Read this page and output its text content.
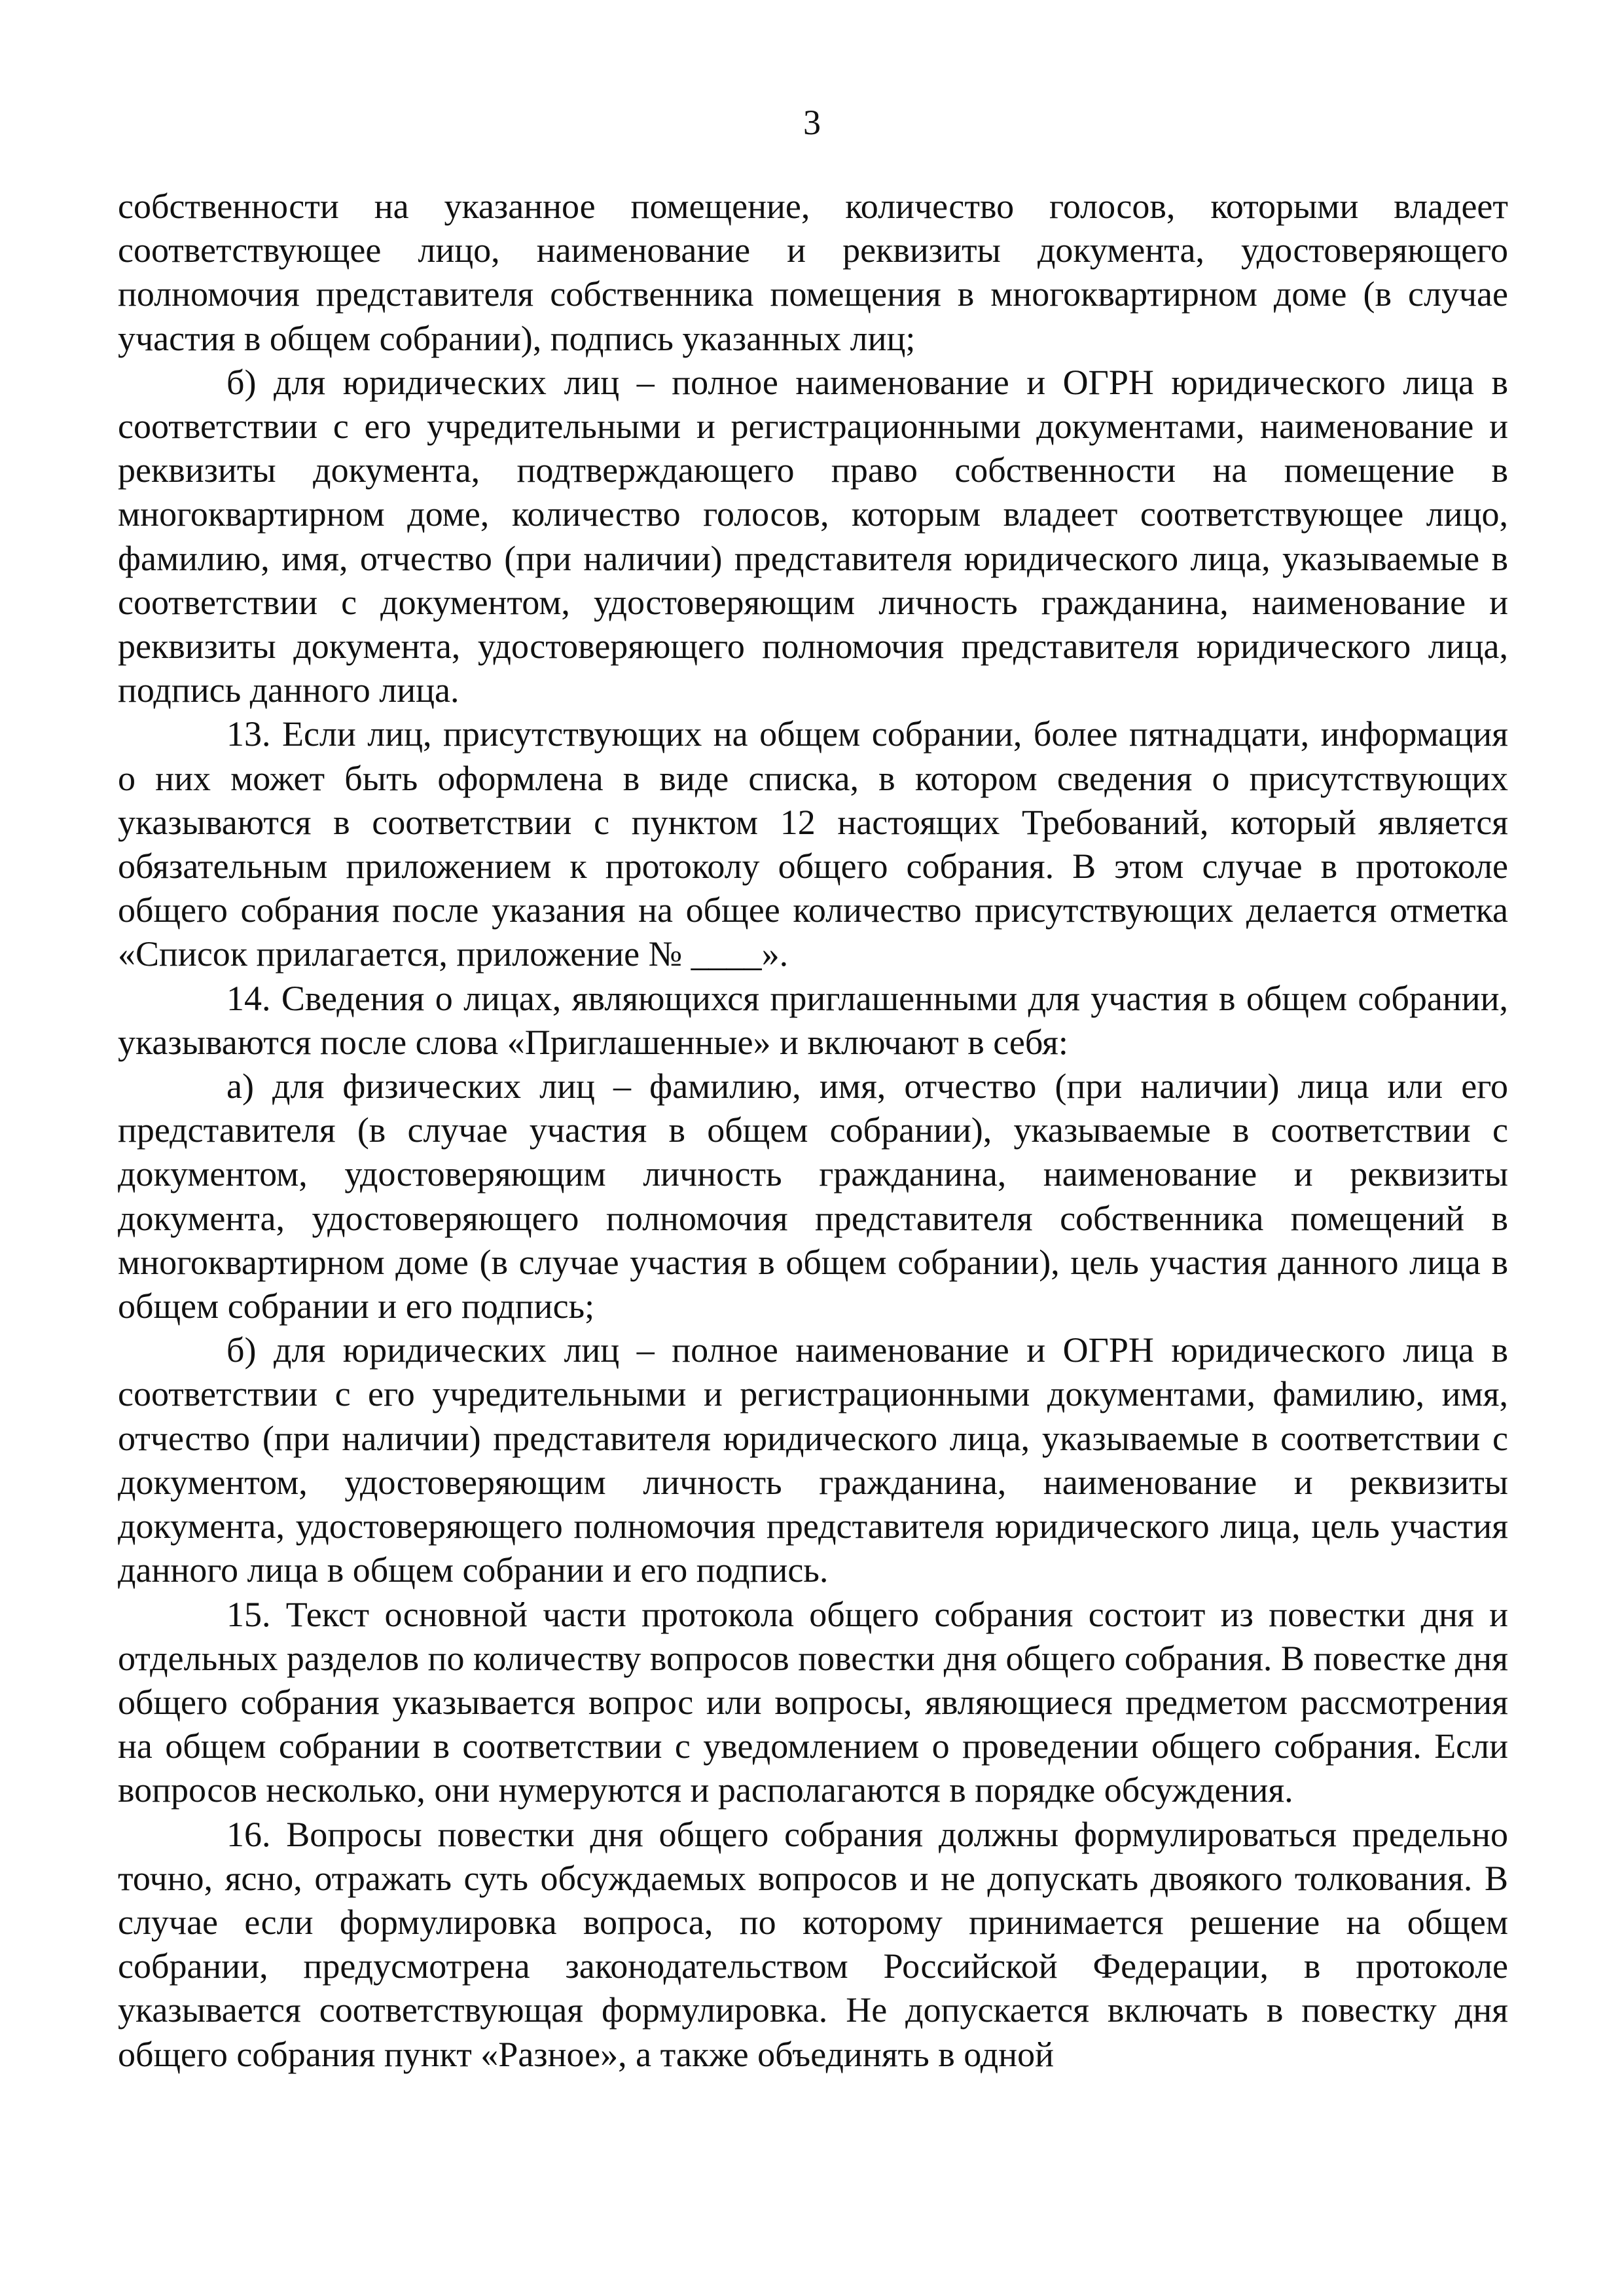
3

собственности на указанное помещение, количество голосов, которыми владеет соответствующее лицо, наименование и реквизиты документа, удостоверяющего полномочия представителя собственника помещения в многоквартирном доме (в случае участия в общем собрании), подпись указанных лиц;

б) для юридических лиц – полное наименование и ОГРН юридического лица в соответствии с его учредительными и регистрационными документами, наименование и реквизиты документа, подтверждающего право собственности на помещение в многоквартирном доме, количество голосов, которым владеет соответствующее лицо, фамилию, имя, отчество (при наличии) представителя юридического лица, указываемые в соответствии с документом, удостоверяющим личность гражданина, наименование и реквизиты документа, удостоверяющего полномочия представителя юридического лица, подпись данного лица.

13. Если лиц, присутствующих на общем собрании, более пятнадцати, информация о них может быть оформлена в виде списка, в котором сведения о присутствующих указываются в соответствии с пунктом 12 настоящих Требований, который является обязательным приложением к протоколу общего собрания. В этом случае в протоколе общего собрания после указания на общее количество присутствующих делается отметка «Список прилагается, приложение № ____».

14. Сведения о лицах, являющихся приглашенными для участия в общем собрании, указываются после слова «Приглашенные» и включают в себя:

а) для физических лиц – фамилию, имя, отчество (при наличии) лица или его представителя (в случае участия в общем собрании), указываемые в соответствии с документом, удостоверяющим личность гражданина, наименование и реквизиты документа, удостоверяющего полномочия представителя собственника помещений в многоквартирном доме (в случае участия в общем собрании), цель участия данного лица в общем собрании и его подпись;

б) для юридических лиц – полное наименование и ОГРН юридического лица в соответствии с его учредительными и регистрационными документами, фамилию, имя, отчество (при наличии) представителя юридического лица, указываемые в соответствии с документом, удостоверяющим личность гражданина, наименование и реквизиты документа, удостоверяющего полномочия представителя юридического лица, цель участия данного лица в общем собрании и его подпись.

15. Текст основной части протокола общего собрания состоит из повестки дня и отдельных разделов по количеству вопросов повестки дня общего собрания. В повестке дня общего собрания указывается вопрос или вопросы, являющиеся предметом рассмотрения на общем собрании в соответствии с уведомлением о проведении общего собрания. Если вопросов несколько, они нумеруются и располагаются в порядке обсуждения.

16. Вопросы повестки дня общего собрания должны формулироваться предельно точно, ясно, отражать суть обсуждаемых вопросов и не допускать двоякого толкования. В случае если формулировка вопроса, по которому принимается решение на общем собрании, предусмотрена законодательством Российской Федерации, в протоколе указывается соответствующая формулировка. Не допускается включать в повестку дня общего собрания пункт «Разное», а также объединять в одной
